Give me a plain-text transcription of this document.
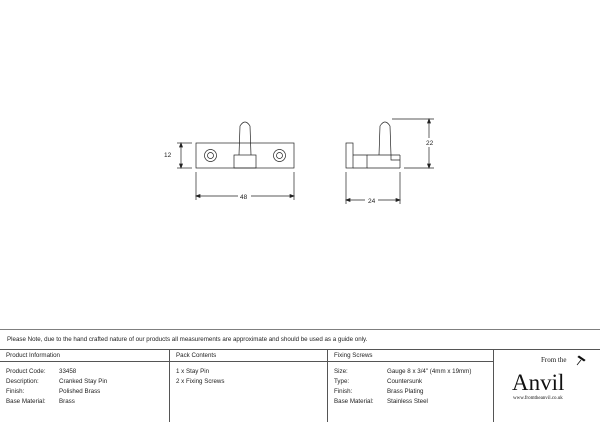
12
48
24
22
Please Note, due to the hand crafted nature of our products all measurements are approximate and should be used as a guide only.
Product Information
Product Code:	33458
Description:	Cranked Stay Pin
Finish:	Polished Brass
Base Material:	Brass
Pack Contents
1 x Stay Pin
2 x Fixing Screws
Fixing Screws
Size:	Gauge 8 x 3/4" (4mm x 19mm)
Type:	Countersunk
Finish:	Brass Plating
Base Material:	Stainless Steel
From the
Anvil
www.fromtheanvil.co.uk
